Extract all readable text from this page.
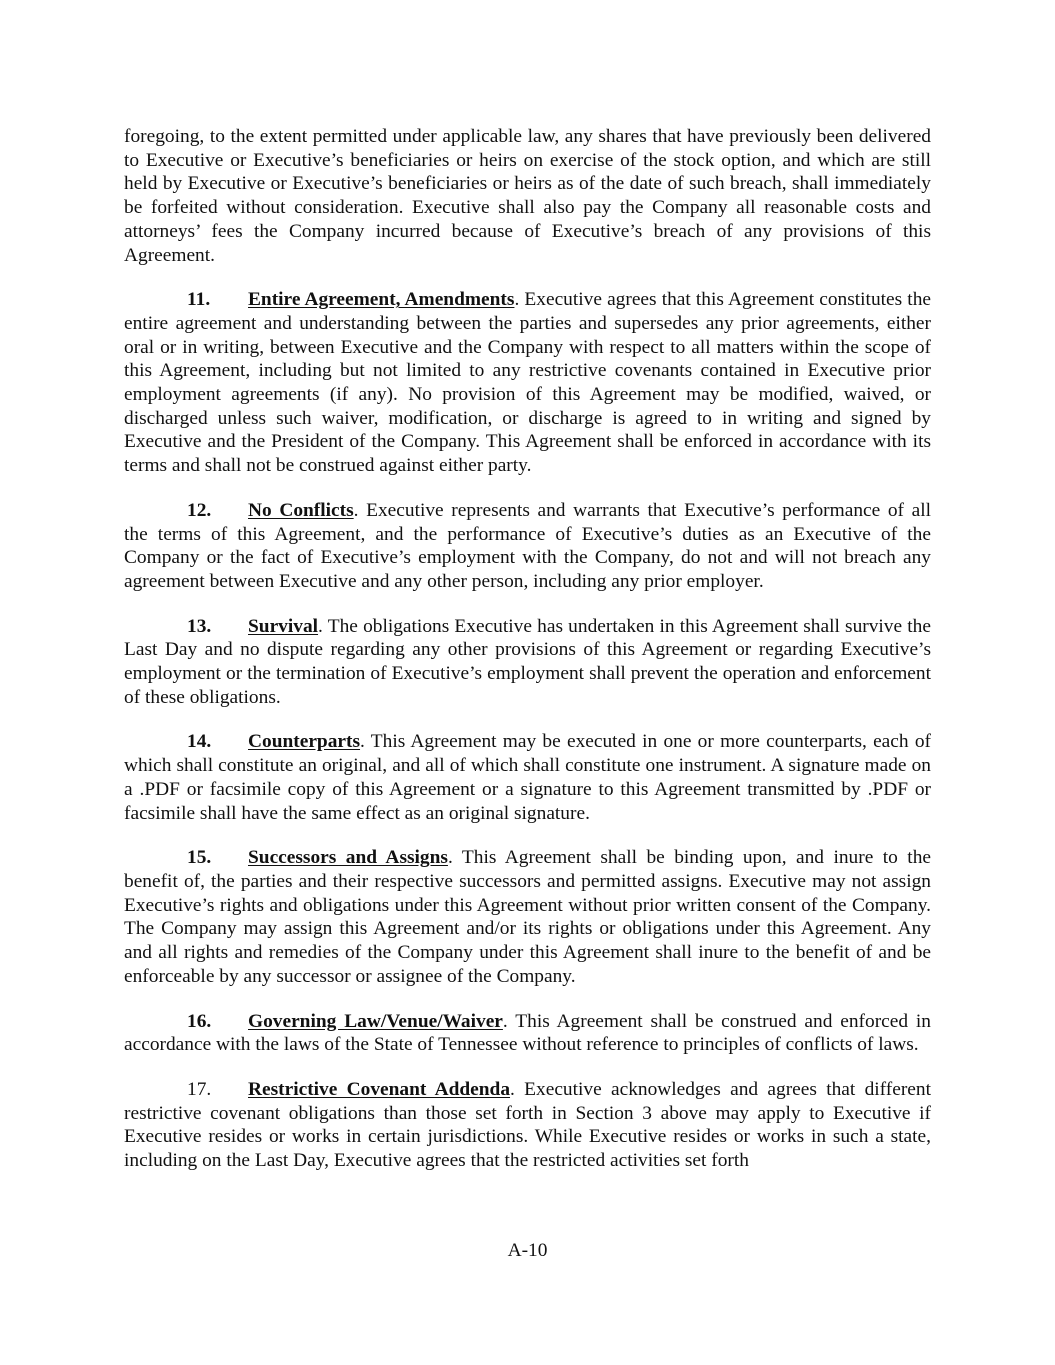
foregoing, to the extent permitted under applicable law, any shares that have previously been delivered to Executive or Executive’s beneficiaries or heirs on exercise of the stock option, and which are still held by Executive or Executive’s beneficiaries or heirs as of the date of such breach, shall immediately be forfeited without consideration. Executive shall also pay the Company all reasonable costs and attorneys’ fees the Company incurred because of Executive’s breach of any provisions of this Agreement.

11. Entire Agreement, Amendments. Executive agrees that this Agreement constitutes the entire agreement and understanding between the parties and supersedes any prior agreements, either oral or in writing, between Executive and the Company with respect to all matters within the scope of this Agreement, including but not limited to any restrictive covenants contained in Executive prior employment agreements (if any). No provision of this Agreement may be modified, waived, or discharged unless such waiver, modification, or discharge is agreed to in writing and signed by Executive and the President of the Company. This Agreement shall be enforced in accordance with its terms and shall not be construed against either party.

12. No Conflicts. Executive represents and warrants that Executive’s performance of all the terms of this Agreement, and the performance of Executive’s duties as an Executive of the Company or the fact of Executive’s employment with the Company, do not and will not breach any agreement between Executive and any other person, including any prior employer.

13. Survival. The obligations Executive has undertaken in this Agreement shall survive the Last Day and no dispute regarding any other provisions of this Agreement or regarding Executive’s employment or the termination of Executive’s employment shall prevent the operation and enforcement of these obligations.

14. Counterparts. This Agreement may be executed in one or more counterparts, each of which shall constitute an original, and all of which shall constitute one instrument. A signature made on a .PDF or facsimile copy of this Agreement or a signature to this Agreement transmitted by .PDF or facsimile shall have the same effect as an original signature.

15. Successors and Assigns. This Agreement shall be binding upon, and inure to the benefit of, the parties and their respective successors and permitted assigns. Executive may not assign Executive’s rights and obligations under this Agreement without prior written consent of the Company. The Company may assign this Agreement and/or its rights or obligations under this Agreement. Any and all rights and remedies of the Company under this Agreement shall inure to the benefit of and be enforceable by any successor or assignee of the Company.

16. Governing Law/Venue/Waiver. This Agreement shall be construed and enforced in accordance with the laws of the State of Tennessee without reference to principles of conflicts of laws.

17. Restrictive Covenant Addenda. Executive acknowledges and agrees that different restrictive covenant obligations than those set forth in Section 3 above may apply to Executive if Executive resides or works in certain jurisdictions. While Executive resides or works in such a state, including on the Last Day, Executive agrees that the restricted activities set forth

A-10
